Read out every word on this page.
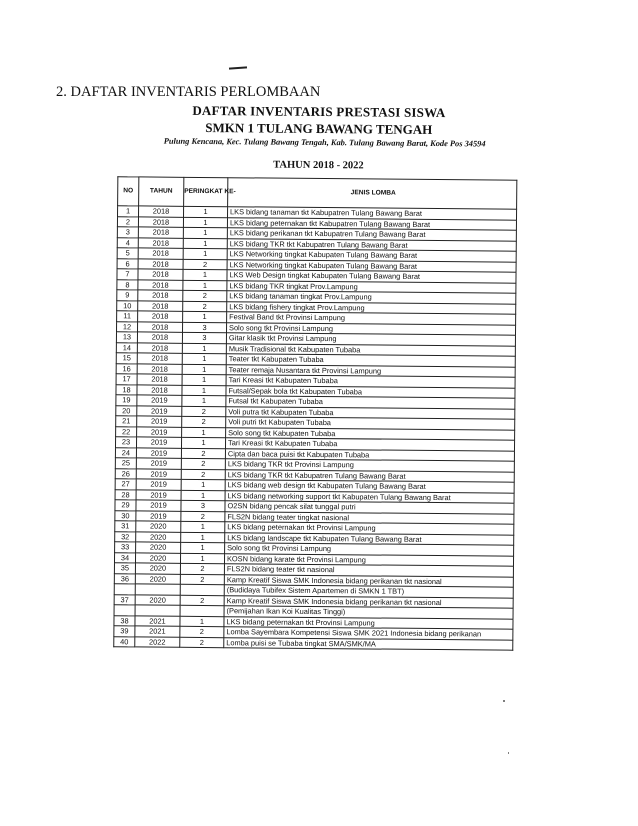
2. DAFTAR INVENTARIS PERLOMBAAN
DAFTAR INVENTARIS PRESTASI SISWA
SMKN 1 TULANG BAWANG TENGAH
Pulung Kencana, Kec. Tulang Bawang Tengah, Kab. Tulang Bawang Barat, Kode Pos 34594
TAHUN 2018 - 2022
NO	TAHUN	PERINGKAT KE-	JENIS LOMBA
1	2018	1	LKS bidang tanaman tkt Kabupatren Tulang Bawang Barat
2	2018	1	LKS bidang peternakan tkt Kabupatren Tulang Bawang Barat
3	2018	1	LKS bidang perikanan tkt Kabupatren Tulang Bawang Barat
4	2018	1	LKS bidang TKR tkt Kabupatren Tulang Bawang Barat
5	2018	1	LKS Networking tingkat Kabupaten Tulang Bawang Barat
6	2018	2	LKS Networking tingkat Kabupaten Tulang Bawang Barat
7	2018	1	LKS Web Design tingkat Kabupaten Tulang Bawang Barat
8	2018	1	LKS bidang TKR tingkat Prov.Lampung
9	2018	2	LKS bidang tanaman tingkat Prov.Lampung
10	2018	2	LKS bidang fishery tingkat Prov.Lampung
11	2018	1	Festival Band tkt Provinsi Lampung
12	2018	3	Solo song tkt Provinsi Lampung
13	2018	3	Gitar klasik tkt Provinsi Lampung
14	2018	1	Musik Tradisional tkt Kabupaten Tubaba
15	2018	1	Teater tkt Kabupaten Tubaba
16	2018	1	Teater remaja Nusantara tkt Provinsi Lampung
17	2018	1	Tari Kreasi tkt Kabupaten Tubaba
18	2018	1	Futsal/Sepak bola tkt Kabupaten Tubaba
19	2019	1	Futsal tkt Kabupaten Tubaba
20	2019	2	Voli putra tkt Kabupaten Tubaba
21	2019	2	Voli putri tkt Kabupaten Tubaba
22	2019	1	Solo song tkt Kabupaten Tubaba
23	2019	1	Tari Kreasi tkt Kabupaten Tubaba
24	2019	2	Cipta dan baca puisi tkt Kabupaten Tubaba
25	2019	2	LKS bidang TKR tkt Provinsi Lampung
26	2019	2	LKS bidang TKR tkt Kabupatren Tulang Bawang Barat
27	2019	1	LKS bidang web design tkt Kabupaten Tulang Bawang Barat
28	2019	1	LKS bidang networking support tkt Kabupaten Tulang Bawang Barat
29	2019	3	O2SN bidang pencak silat tunggal putri
30	2019	2	FLS2N bidang teater tingkat nasional
31	2020	1	LKS bidang peternakan tkt Provinsi Lampung
32	2020	1	LKS bidang landscape tkt Kabupaten Tulang Bawang Barat
33	2020	1	Solo song tkt Provinsi Lampung
34	2020	1	KOSN bidang karate tkt Provinsi Lampung
35	2020	2	FLS2N bidang teater tkt nasional
36	2020	2	Kamp Kreatif Siswa SMK Indonesia bidang perikanan tkt nasional
			(Budidaya Tubifex Sistem Apartemen di SMKN 1 TBT)
37	2020	2	Kamp Kreatif Siswa SMK Indonesia bidang perikanan tkt nasional
			(Pemijahan Ikan Koi Kualitas Tinggi)
38	2021	1	LKS bidang peternakan tkt Provinsi Lampung
39	2021	2	Lomba Sayembara Kompetensi Siswa SMK 2021 Indonesia bidang perikanan
40	2022	2	Lomba puisi se Tubaba tingkat SMA/SMK/MA
